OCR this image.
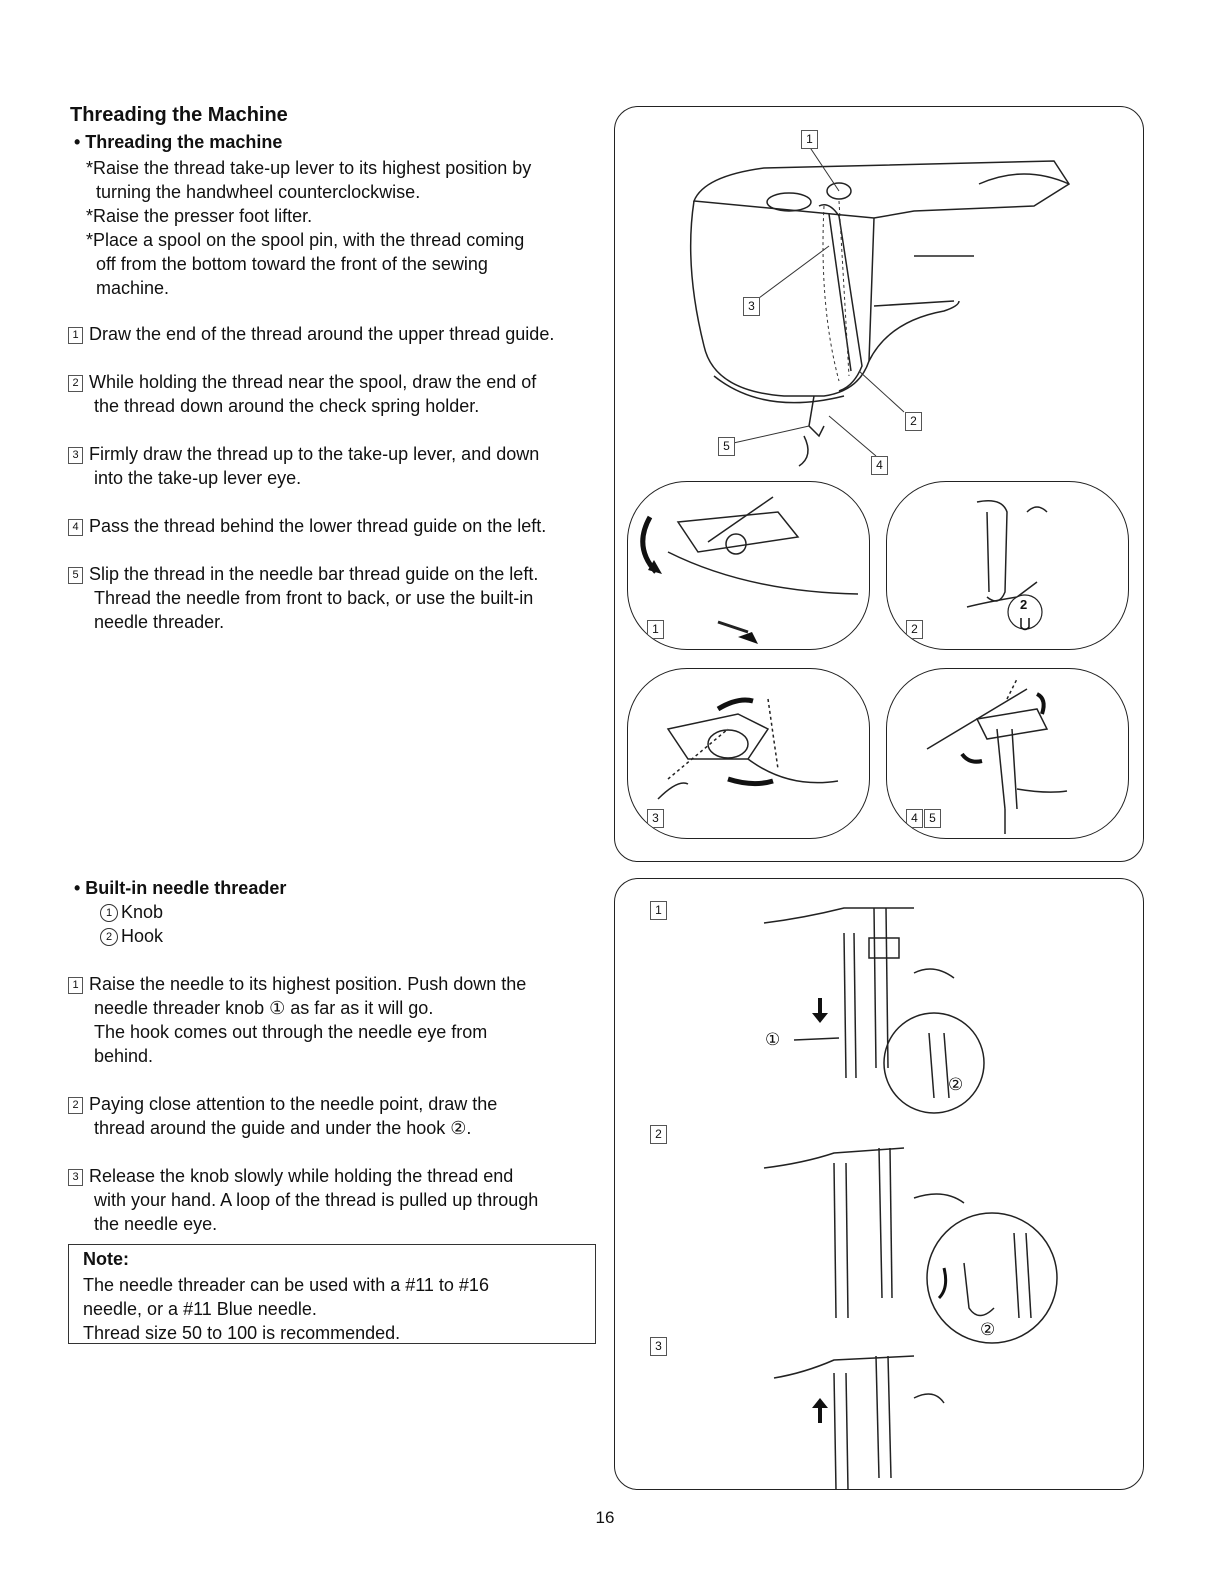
Threading the Machine
• Threading the machine
*Raise the thread take-up lever to its highest position by
turning the handwheel counterclockwise.
*Raise the presser foot lifter.
*Place a spool on the spool pin, with the thread coming
off from the bottom toward the front of the sewing
machine.
1 Draw the end of the thread around the upper thread guide.
2 While holding the thread near the spool, draw the end of
the thread down around the check spring holder.
3 Firmly draw the thread up to the take-up lever, and down
into the take-up lever eye.
4 Pass the thread behind the lower thread guide on the left.
5 Slip the thread in the needle bar thread guide on the left.
Thread the needle from front to back, or use the built-in
needle threader.
• Built-in needle threader
1 Knob
2 Hook
1 Raise the needle to its highest position. Push down the
needle threader knob ① as far as it will go.
The hook comes out through the needle eye from
behind.
2 Paying close attention to the needle point, draw the
thread around the guide and under the hook ②.
3 Release the knob slowly while holding the thread end
with your hand. A loop of the thread is pulled up through
the needle eye.
Note:
The needle threader can be used with a #11 to #16
needle, or a #11 Blue needle.
Thread size 50 to 100 is recommended.
1
3
2
5
4
1
2
2
3	4 5
1
2
3
①
②
②
16
